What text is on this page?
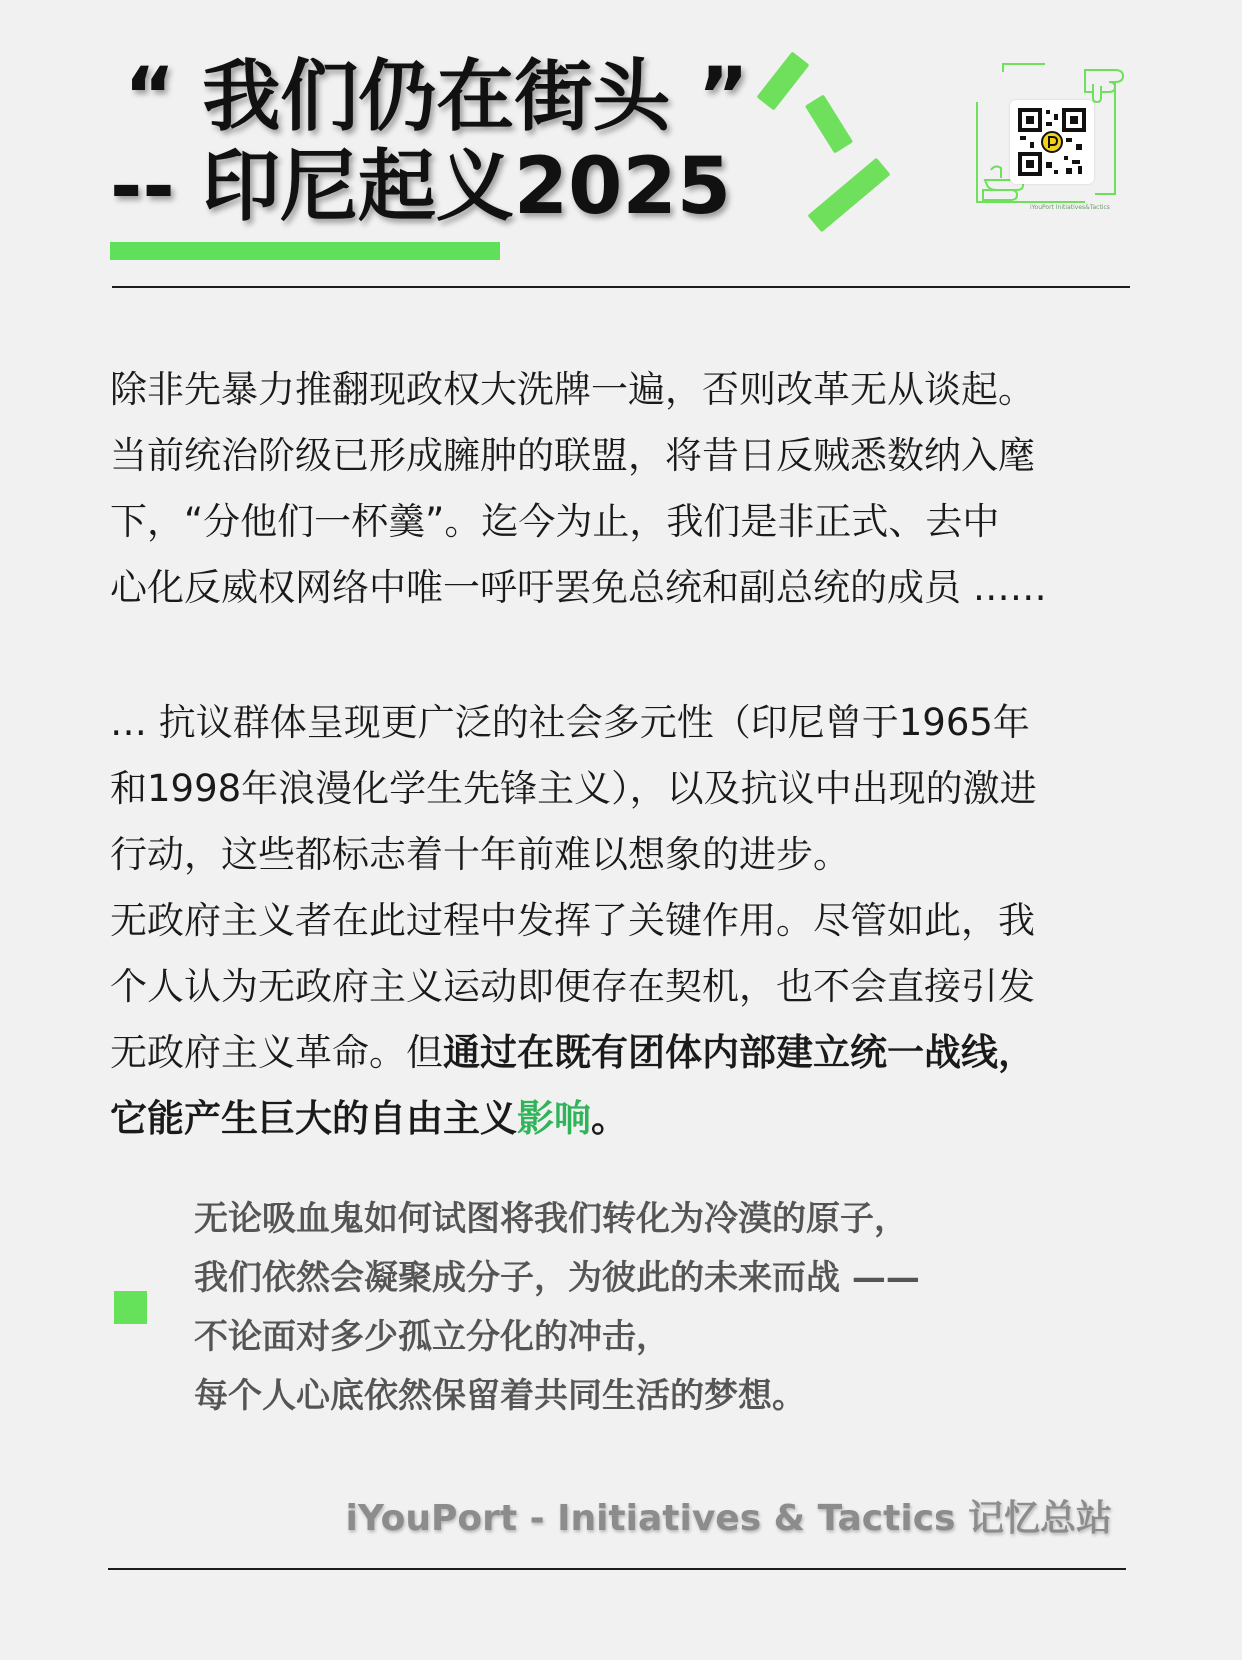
“ 我们仍在街头 ”
-- 印尼起义2025	iYouPort Initiatives&Tactics

除非先暴力推翻现政权大洗牌一遍，否则改革无从谈起。

当前统治阶级已形成臃肿的联盟，将昔日反贼悉数纳入麾

下，“分他们一杯羹”。迄今为止，我们是非正式、去中

心化反威权网络中唯一呼吁罢免总统和副总统的成员 ……

… 抗议群体呈现更广泛的社会多元性（印尼曾于1965年

和1998年浪漫化学生先锋主义），以及抗议中出现的激进

行动，这些都标志着十年前难以想象的进步。

无政府主义者在此过程中发挥了关键作用。尽管如此，我

个人认为无政府主义运动即便存在契机，也不会直接引发

无政府主义革命。但通过在既有团体内部建立统一战线，

它能产生巨大的自由主义影响。

无论吸血鬼如何试图将我们转化为冷漠的原子，

我们依然会凝聚成分子，为彼此的未来而战 ——

不论面对多少孤立分化的冲击，

每个人心底依然保留着共同生活的梦想。

iYouPort - Initiatives & Tactics 记忆总站
